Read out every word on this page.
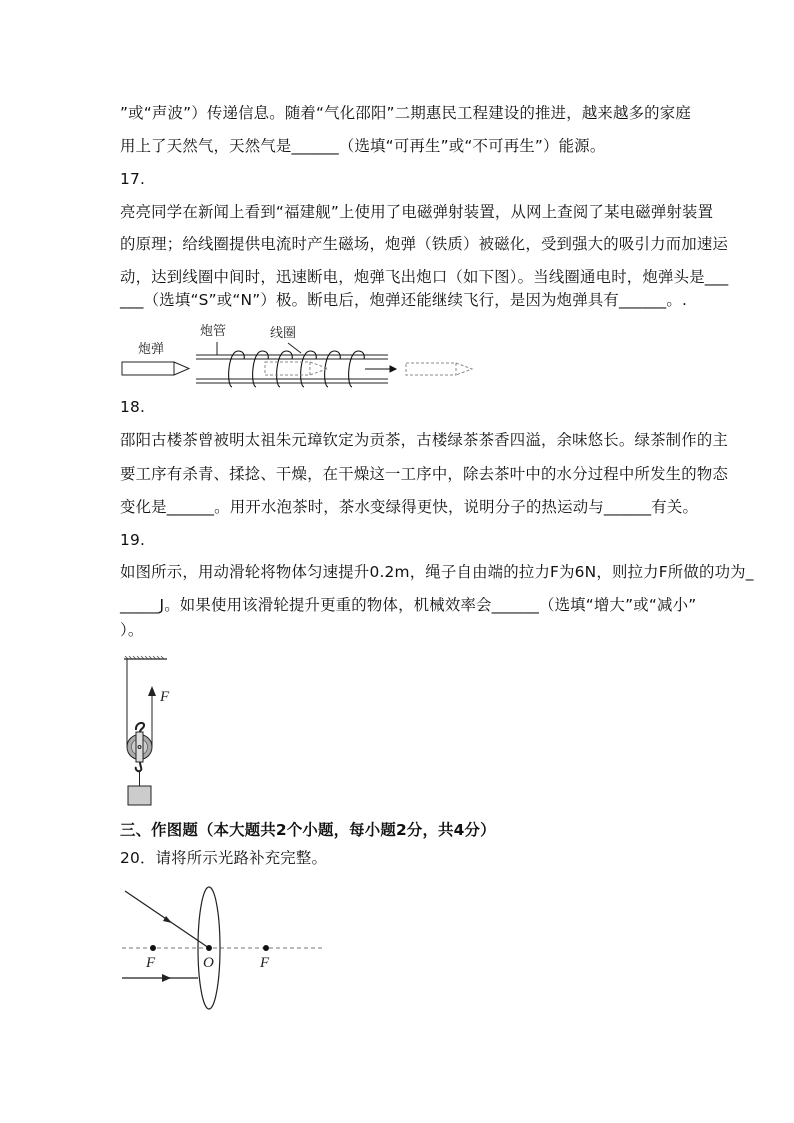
”或“声波”）传递信息。随着“气化邵阳”二期惠民工程建设的推进，越来越多的家庭
用上了天然气，天然气是______（选填“可再生”或“不可再生”）能源。
17.
亮亮同学在新闻上看到“福建舰”上使用了电磁弹射装置，从网上查阅了某电磁弹射装置
的原理；给线圈提供电流时产生磁场，炮弹（铁质）被磁化，受到强大的吸引力而加速运
动，达到线圈中间时，迅速断电，炮弹飞出炮口（如下图）。当线圈通电时，炮弹头是___
___（选填“S”或“N”）极。断电后，炮弹还能继续飞行，是因为炮弹具有______。.
炮弹
炮管	线圈
18.
邵阳古楼茶曾被明太祖朱元璋钦定为贡茶，古楼绿茶茶香四溢，余味悠长。绿茶制作的主
要工序有杀青、揉捻、干燥，在干燥这一工序中，除去茶叶中的水分过程中所发生的物态
变化是______。用开水泡茶时，茶水变绿得更快，说明分子的热运动与______有关。
19.
如图所示，用动滑轮将物体匀速提升0.2m，绳子自由端的拉力F为6N，则拉力F所做的功为_
_____J。如果使用该滑轮提升更重的物体，机械效率会______（选填“增大”或“减小”
）。
F
三、作图题（本大题共2个小题，每小题2分，共4分）
20．请将所示光路补充完整。
F	O	F
